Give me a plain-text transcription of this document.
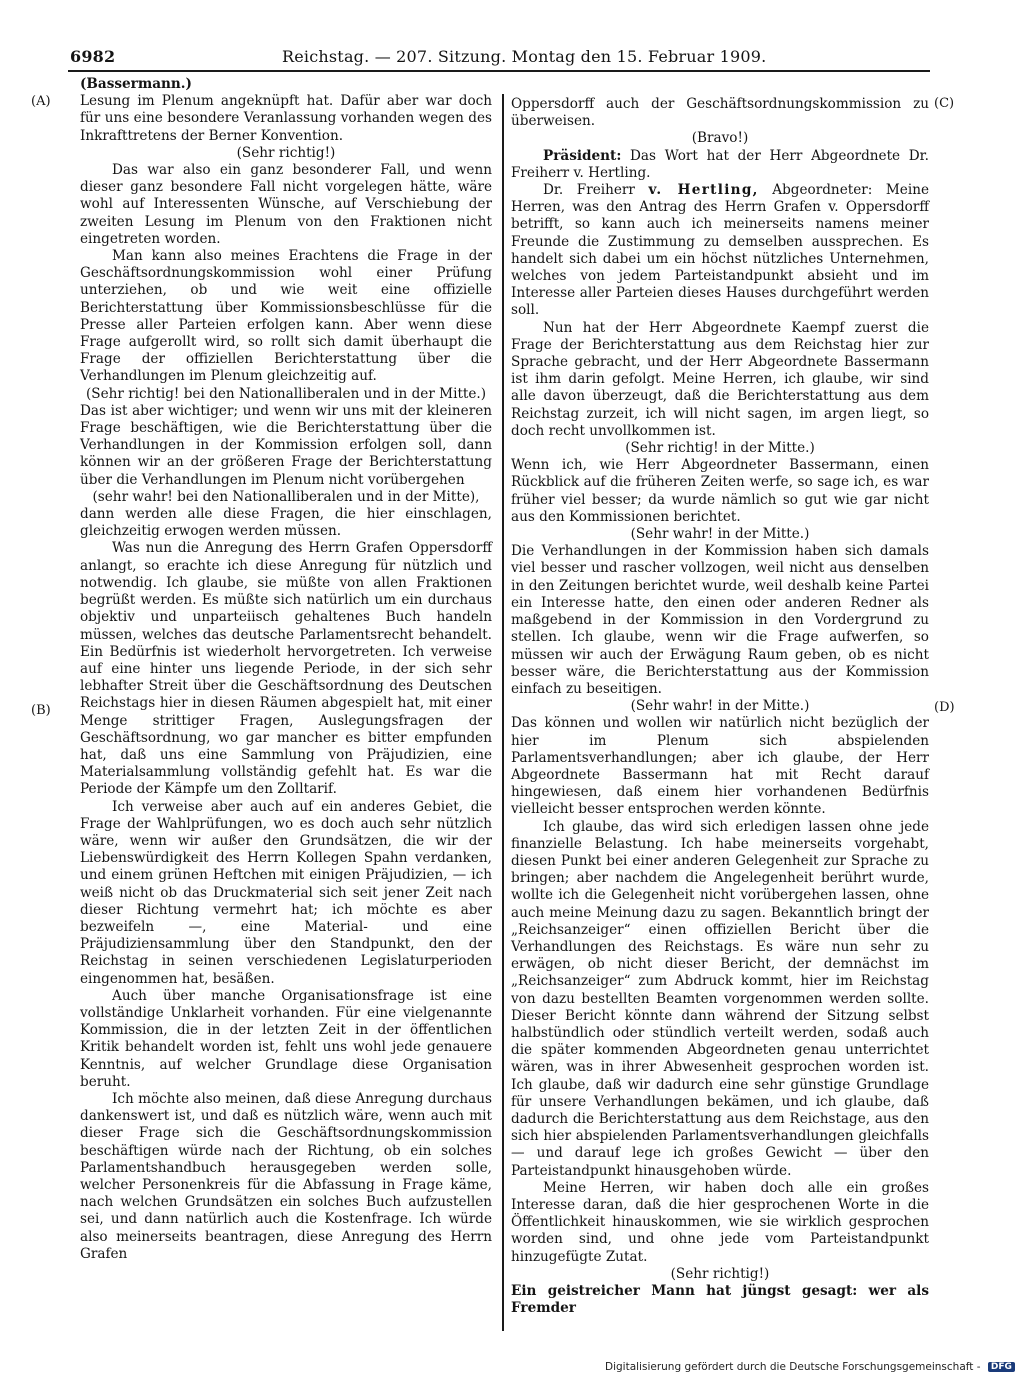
6982	Reichstag. — 207. Sitzung. Montag den 15. Februar 1909.
(A)
(B)
(C)
(D)

(Bassermann.)

Lesung im Plenum angeknüpft hat. Dafür aber war doch für uns eine besondere Veranlassung vorhanden wegen des Inkrafttretens der Berner Konvention.

(Sehr richtig!)

Das war also ein ganz besonderer Fall, und wenn dieser ganz besondere Fall nicht vorgelegen hätte, wäre wohl auf Interessenten Wünsche, auf Verschiebung der zweiten Lesung im Plenum von den Fraktionen nicht eingetreten worden.

Man kann also meines Erachtens die Frage in der Geschäftsordnungskommission wohl einer Prüfung unterziehen, ob und wie weit eine offizielle Berichterstattung über Kommissionsbeschlüsse für die Presse aller Parteien erfolgen kann. Aber wenn diese Frage aufgerollt wird, so rollt sich damit überhaupt die Frage der offiziellen Berichterstattung über die Verhandlungen im Plenum gleichzeitig auf.

(Sehr richtig! bei den Nationalliberalen und in der Mitte.)

Das ist aber wichtiger; und wenn wir uns mit der kleineren Frage beschäftigen, wie die Berichterstattung über die Verhandlungen in der Kommission erfolgen soll, dann können wir an der größeren Frage der Berichterstattung über die Verhandlungen im Plenum nicht vorübergehen

(sehr wahr! bei den Nationalliberalen und in der Mitte),

dann werden alle diese Fragen, die hier einschlagen, gleichzeitig erwogen werden müssen.

Was nun die Anregung des Herrn Grafen Oppersdorff anlangt, so erachte ich diese Anregung für nützlich und notwendig. Ich glaube, sie müßte von allen Fraktionen begrüßt werden. Es müßte sich natürlich um ein durchaus objektiv und unparteiisch gehaltenes Buch handeln müssen, welches das deutsche Parlamentsrecht behandelt. Ein Bedürfnis ist wiederholt hervorgetreten. Ich verweise auf eine hinter uns liegende Periode, in der sich sehr lebhafter Streit über die Geschäftsordnung des Deutschen Reichstags hier in diesen Räumen abgespielt hat, mit einer Menge strittiger Fragen, Auslegungsfragen der Geschäftsordnung, wo gar mancher es bitter empfunden hat, daß uns eine Sammlung von Präjudizien, eine Materialsammlung vollständig gefehlt hat. Es war die Periode der Kämpfe um den Zolltarif.

Ich verweise aber auch auf ein anderes Gebiet, die Frage der Wahlprüfungen, wo es doch auch sehr nützlich wäre, wenn wir außer den Grundsätzen, die wir der Liebenswürdigkeit des Herrn Kollegen Spahn verdanken, und einem grünen Heftchen mit einigen Präjudizien, — ich weiß nicht ob das Druckmaterial sich seit jener Zeit nach dieser Richtung vermehrt hat; ich möchte es aber bezweifeln —, eine Material- und eine Präjudiziensammlung über den Standpunkt, den der Reichstag in seinen verschiedenen Legislaturperioden eingenommen hat, besäßen.

Auch über manche Organisationsfrage ist eine vollständige Unklarheit vorhanden. Für eine vielgenannte Kommission, die in der letzten Zeit in der öffentlichen Kritik behandelt worden ist, fehlt uns wohl jede genauere Kenntnis, auf welcher Grundlage diese Organisation beruht.

Ich möchte also meinen, daß diese Anregung durchaus dankenswert ist, und daß es nützlich wäre, wenn auch mit dieser Frage sich die Geschäftsordnungskommission beschäftigen würde nach der Richtung, ob ein solches Parlamentshandbuch herausgegeben werden solle, welcher Personenkreis für die Abfassung in Frage käme, nach welchen Grundsätzen ein solches Buch aufzustellen sei, und dann natürlich auch die Kostenfrage. Ich würde also meinerseits beantragen, diese Anregung des Herrn Grafen

Oppersdorff auch der Geschäftsordnungskommission zu überweisen.

(Bravo!)

Präsident: Das Wort hat der Herr Abgeordnete Dr. Freiherr v. Hertling.

Dr. Freiherr v. Hertling, Abgeordneter: Meine Herren, was den Antrag des Herrn Grafen v. Oppersdorff betrifft, so kann auch ich meinerseits namens meiner Freunde die Zustimmung zu demselben aussprechen. Es handelt sich dabei um ein höchst nützliches Unternehmen, welches von jedem Parteistandpunkt absieht und im Interesse aller Parteien dieses Hauses durchgeführt werden soll.

Nun hat der Herr Abgeordnete Kaempf zuerst die Frage der Berichterstattung aus dem Reichstag hier zur Sprache gebracht, und der Herr Abgeordnete Bassermann ist ihm darin gefolgt. Meine Herren, ich glaube, wir sind alle davon überzeugt, daß die Berichterstattung aus dem Reichstag zurzeit, ich will nicht sagen, im argen liegt, so doch recht unvollkommen ist.

(Sehr richtig! in der Mitte.)

Wenn ich, wie Herr Abgeordneter Bassermann, einen Rückblick auf die früheren Zeiten werfe, so sage ich, es war früher viel besser; da wurde nämlich so gut wie gar nicht aus den Kommissionen berichtet.

(Sehr wahr! in der Mitte.)

Die Verhandlungen in der Kommission haben sich damals viel besser und rascher vollzogen, weil nicht aus denselben in den Zeitungen berichtet wurde, weil deshalb keine Partei ein Interesse hatte, den einen oder anderen Redner als maßgebend in der Kommission in den Vordergrund zu stellen. Ich glaube, wenn wir die Frage aufwerfen, so müssen wir auch der Erwägung Raum geben, ob es nicht besser wäre, die Berichterstattung aus der Kommission einfach zu beseitigen.

(Sehr wahr! in der Mitte.)

Das können und wollen wir natürlich nicht bezüglich der hier im Plenum sich abspielenden Parlamentsverhandlungen; aber ich glaube, der Herr Abgeordnete Bassermann hat mit Recht darauf hingewiesen, daß einem hier vorhandenen Bedürfnis vielleicht besser entsprochen werden könnte.

Ich glaube, das wird sich erledigen lassen ohne jede finanzielle Belastung. Ich habe meinerseits vorgehabt, diesen Punkt bei einer anderen Gelegenheit zur Sprache zu bringen; aber nachdem die Angelegenheit berührt wurde, wollte ich die Gelegenheit nicht vorübergehen lassen, ohne auch meine Meinung dazu zu sagen. Bekanntlich bringt der „Reichsanzeiger“ einen offiziellen Bericht über die Verhandlungen des Reichstags. Es wäre nun sehr zu erwägen, ob nicht dieser Bericht, der demnächst im „Reichsanzeiger“ zum Abdruck kommt, hier im Reichstag von dazu bestellten Beamten vorgenommen werden sollte. Dieser Bericht könnte dann während der Sitzung selbst halbstündlich oder stündlich verteilt werden, sodaß auch die später kommenden Abgeordneten genau unterrichtet wären, was in ihrer Abwesenheit gesprochen worden ist. Ich glaube, daß wir dadurch eine sehr günstige Grundlage für unsere Verhandlungen bekämen, und ich glaube, daß dadurch die Berichterstattung aus dem Reichstage, aus den sich hier abspielenden Parlamentsverhandlungen gleichfalls — und darauf lege ich großes Gewicht — über den Parteistandpunkt hinausgehoben würde.

Meine Herren, wir haben doch alle ein großes Interesse daran, daß die hier gesprochenen Worte in die Öffentlichkeit hinauskommen, wie sie wirklich gesprochen worden sind, und ohne jede vom Parteistandpunkt hinzugefügte Zutat.

(Sehr richtig!)

Ein geistreicher Mann hat jüngst gesagt: wer als Fremder

Digitalisierung gefördert durch die Deutsche Forschungsgemeinschaft - DFG
